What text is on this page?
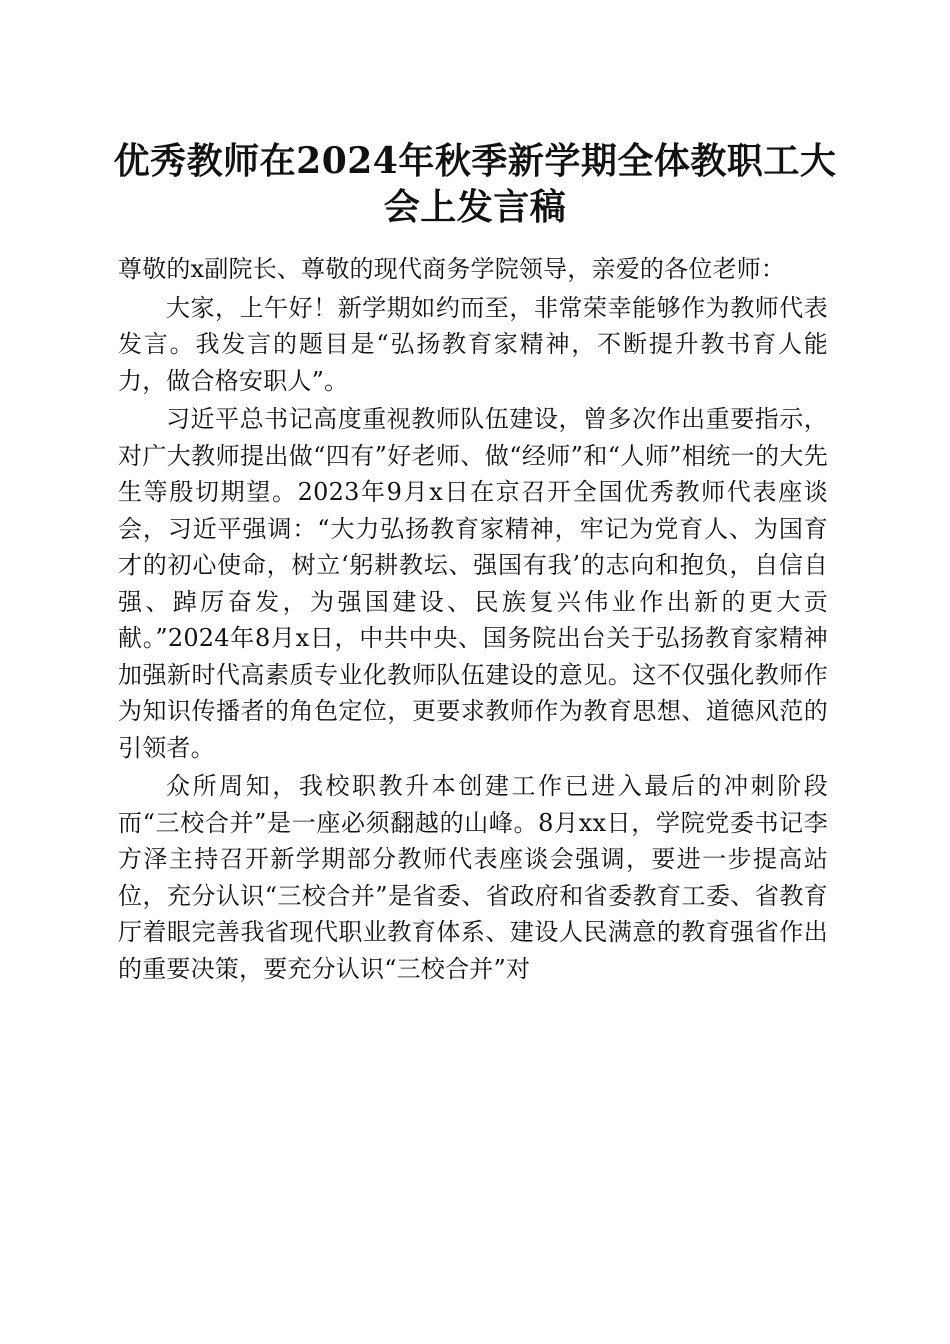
优秀教师在2024年秋季新学期全体教职工大会上发言稿

尊敬的x副院长、尊敬的现代商务学院领导，亲爱的各位老师：

大家，上午好！新学期如约而至，非常荣幸能够作为教师代表发言。我发言的题目是“弘扬教育家精神，不断提升教书育人能力，做合格安职人”。

习近平总书记高度重视教师队伍建设，曾多次作出重要指示，对广大教师提出做“四有”好老师、做“经师”和“人师”相统一的大先生等殷切期望。2023年9月x日在京召开全国优秀教师代表座谈会，习近平强调：“大力弘扬教育家精神，牢记为党育人、为国育才的初心使命，树立‘躬耕教坛、强国有我’的志向和抱负，自信自强、踔厉奋发，为强国建设、民族复兴伟业作出新的更大贡献。”2024年8月x日，中共中央、国务院出台关于弘扬教育家精神加强新时代高素质专业化教师队伍建设的意见。这不仅强化教师作为知识传播者的角色定位，更要求教师作为教育思想、道德风范的引领者。

众所周知，我校职教升本创建工作已进入最后的冲刺阶段而“三校合并”是一座必须翻越的山峰。8月xx日，学院党委书记李方泽主持召开新学期部分教师代表座谈会强调，要进一步提高站位，充分认识“三校合并”是省委、省政府和省委教育工委、省教育厅着眼完善我省现代职业教育体系、建设人民满意的教育强省作出的重要决策，要充分认识“三校合并”对
